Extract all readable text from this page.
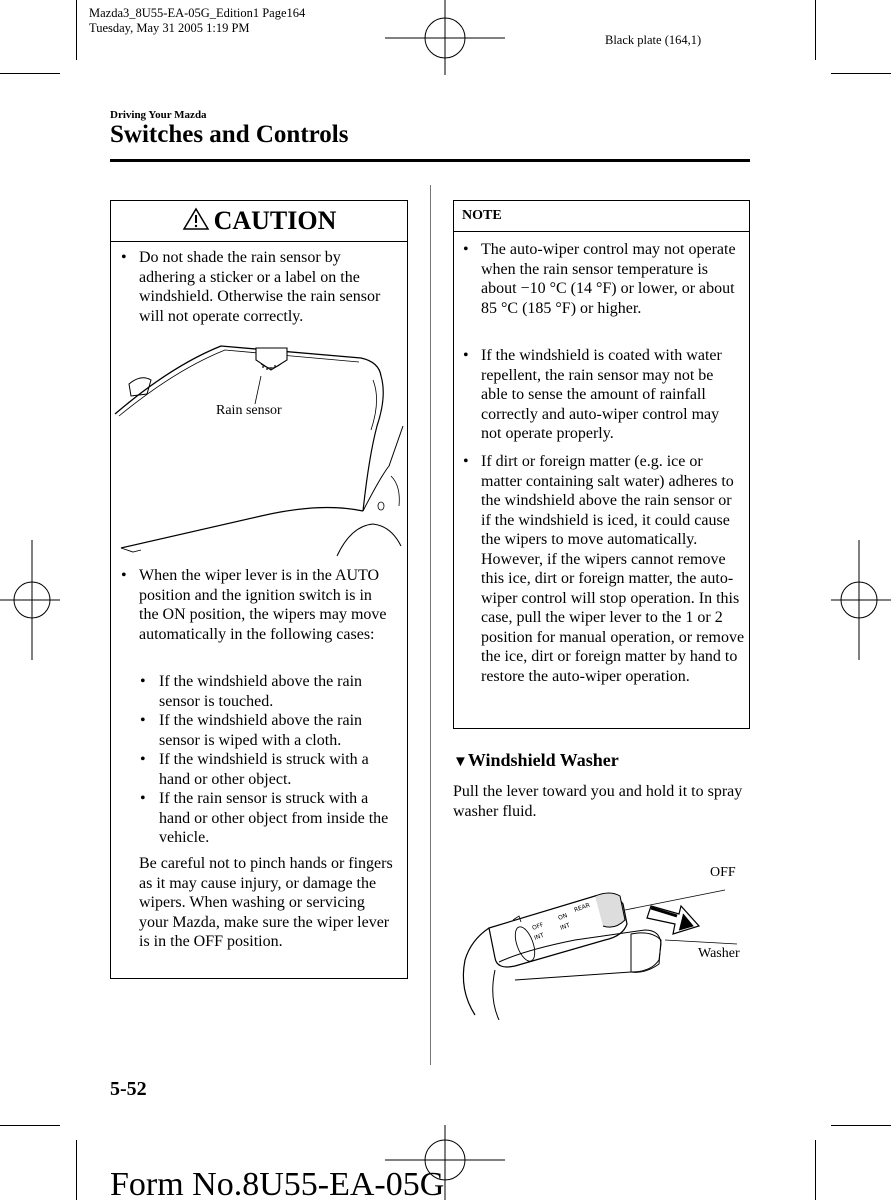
Mazda3_8U55-EA-05G_Edition1 Page164
Tuesday, May 31 2005 1:19 PM
Black plate (164,1)
Driving Your Mazda
Switches and Controls
CAUTION
• Do not shade the rain sensor by adhering a sticker or a label on the windshield. Otherwise the rain sensor will not operate correctly.
Rain sensor
• When the wiper lever is in the AUTO position and the ignition switch is in the ON position, the wipers may move automatically in the following cases:
• If the windshield above the rain sensor is touched.
• If the windshield above the rain sensor is wiped with a cloth.
• If the windshield is struck with a hand or other object.
• If the rain sensor is struck with a hand or other object from inside the vehicle.
Be careful not to pinch hands or fingers as it may cause injury, or damage the wipers. When washing or servicing your Mazda, make sure the wiper lever is in the OFF position.
NOTE
• The auto-wiper control may not operate when the rain sensor temperature is about −10 °C (14 °F) or lower, or about 85 °C (185 °F) or higher.
• If the windshield is coated with water repellent, the rain sensor may not be able to sense the amount of rainfall correctly and auto-wiper control may not operate properly.
• If dirt or foreign matter (e.g. ice or matter containing salt water) adheres to the windshield above the rain sensor or if the windshield is iced, it could cause the wipers to move automatically. However, if the wipers cannot remove this ice, dirt or foreign matter, the auto-wiper control will stop operation. In this case, pull the wiper lever to the 1 or 2 position for manual operation, or remove the ice, dirt or foreign matter by hand to restore the auto-wiper operation.
▼Windshield Washer
Pull the lever toward you and hold it to spray washer fluid.
OFF
INT
ON
INT
REAR
OFF
Washer
5-52
Form No.8U55-EA-05G
